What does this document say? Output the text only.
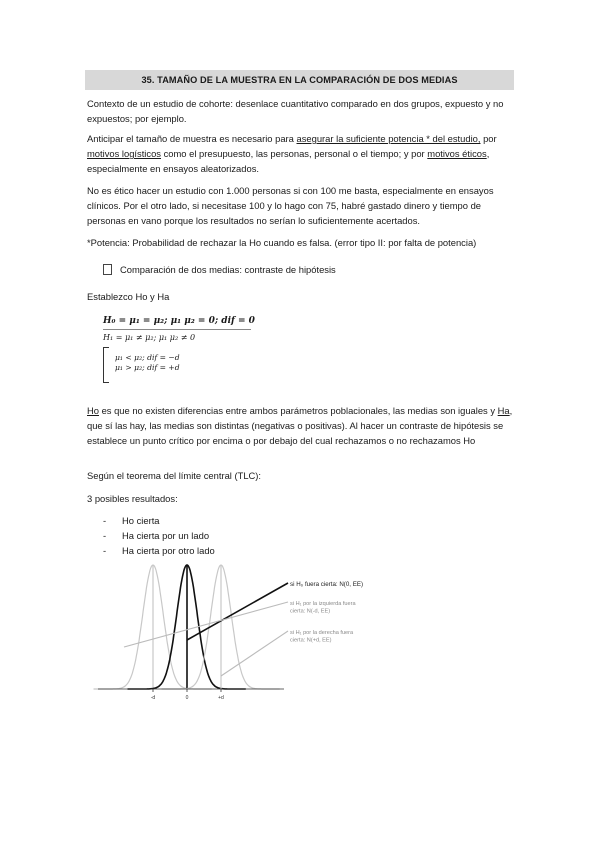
35. TAMAÑO DE LA MUESTRA EN LA COMPARACIÓN DE DOS MEDIAS

Contexto de un estudio de cohorte: desenlace cuantitativo comparado en dos grupos, expuesto y no expuestos; por ejemplo.

Anticipar el tamaño de muestra es necesario para asegurar la suficiente potencia * del estudio, por motivos logísticos como el presupuesto, las personas, personal o el tiempo; y por motivos éticos, especialmente en ensayos aleatorizados.

No es ético hacer un estudio con 1.000 personas si con 100 me basta, especialmente en ensayos clínicos. Por el otro lado, si necesitase 100 y lo hago con 75, habré gastado dinero y tiempo de personas en vano porque los resultados no serían lo suficientemente acertados.

*Potencia: Probabilidad de rechazar la Ho cuando es falsa. (error tipo II: por falta de potencia)

Comparación de dos medias: contraste de hipótesis

Establezco Ho y Ha

H₀ = μ₁ = μ₂; μ₁ μ₂ = 0; dif = 0
H₁ = μ₁ ≠ μ₂; μ₁ μ₂ ≠ 0
μ₁ < μ₂; dif = −d
μ₁ > μ₂; dif = +d

Ho es que no existen diferencias entre ambos parámetros poblacionales, las medias son iguales y Ha, que sí las hay, las medias son distintas (negativas o positivas). Al hacer un contraste de hipótesis se establece un punto crítico por encima o por debajo del cual rechazamos o no rechazamos Ho

Según el teorema del límite central (TLC):

3 posibles resultados:

-	Ho cierta
-	Ha cierta por un lado
-	Ha cierta por otro lado
-d	0	+d
si H₀ fuera cierta: N(0, EE)
si H₁ por la izquierda fuera cierta: N(-d, EE)
si H₁ por la derecha fuera cierta: N(+d, EE)
